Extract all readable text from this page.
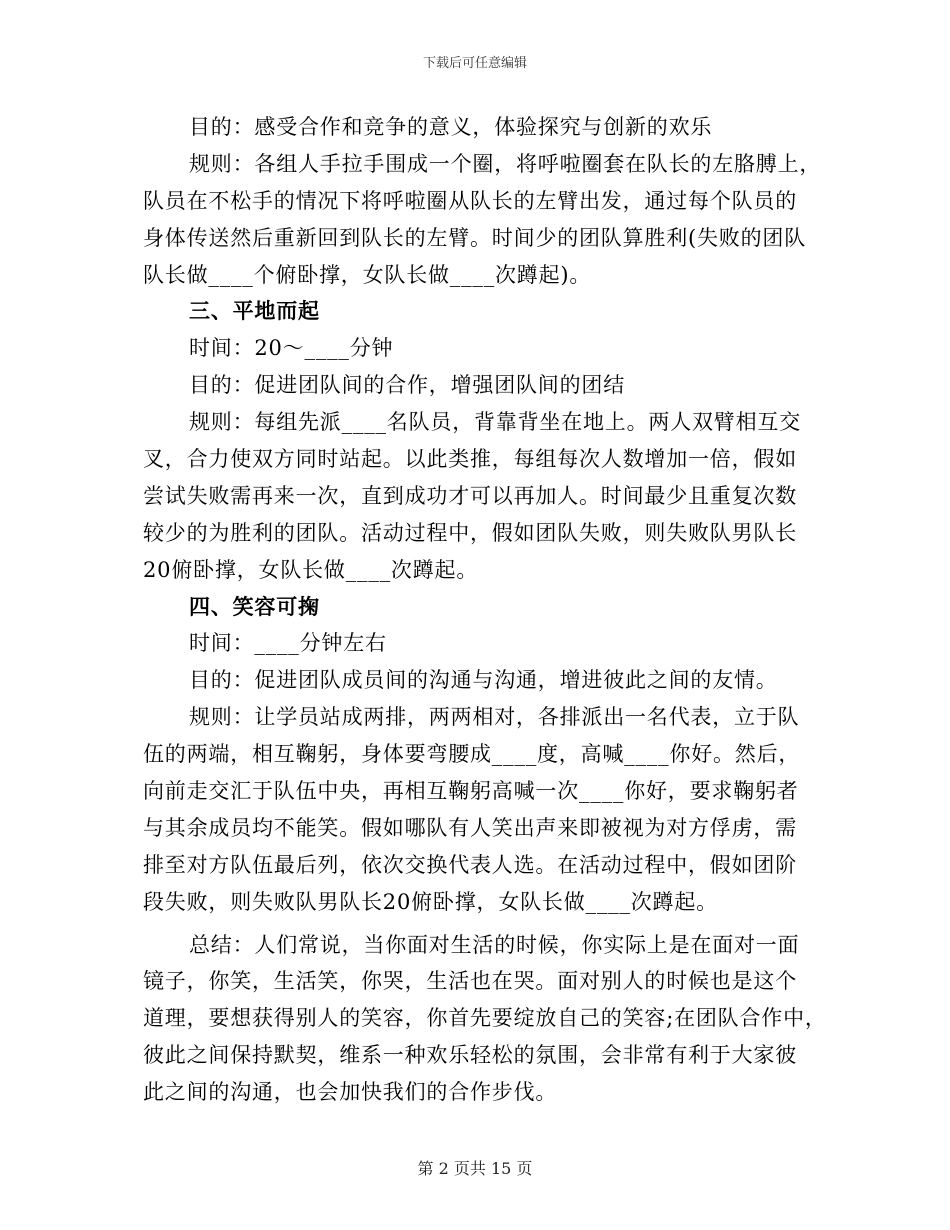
下载后可任意编辑
目的：感受合作和竞争的意义，体验探究与创新的欢乐
规则：各组人手拉手围成一个圈，将呼啦圈套在队长的左胳膊上，
队员在不松手的情况下将呼啦圈从队长的左臂出发，通过每个队员的
身体传送然后重新回到队长的左臂。时间少的团队算胜利(失败的团队
队长做____个俯卧撑，女队长做____次蹲起)。
三、平地而起
时间：20～____分钟
目的：促进团队间的合作，增强团队间的团结
规则：每组先派____名队员，背靠背坐在地上。两人双臂相互交
叉，合力使双方同时站起。以此类推，每组每次人数增加一倍，假如
尝试失败需再来一次，直到成功才可以再加人。时间最少且重复次数
较少的为胜利的团队。活动过程中，假如团队失败，则失败队男队长
20俯卧撑，女队长做____次蹲起。
四、笑容可掬
时间：____分钟左右
目的：促进团队成员间的沟通与沟通，增进彼此之间的友情。
规则：让学员站成两排，两两相对，各排派出一名代表，立于队
伍的两端，相互鞠躬，身体要弯腰成____度，高喊____你好。然后，
向前走交汇于队伍中央，再相互鞠躬高喊一次____你好，要求鞠躬者
与其余成员均不能笑。假如哪队有人笑出声来即被视为对方俘虏，需
排至对方队伍最后列，依次交换代表人选。在活动过程中，假如团阶
段失败，则失败队男队长20俯卧撑，女队长做____次蹲起。
总结：人们常说，当你面对生活的时候，你实际上是在面对一面
镜子，你笑，生活笑，你哭，生活也在哭。面对别人的时候也是这个
道理，要想获得别人的笑容，你首先要绽放自己的笑容;在团队合作中，
彼此之间保持默契，维系一种欢乐轻松的氛围，会非常有利于大家彼
此之间的沟通，也会加快我们的合作步伐。
第 2 页共 15 页
